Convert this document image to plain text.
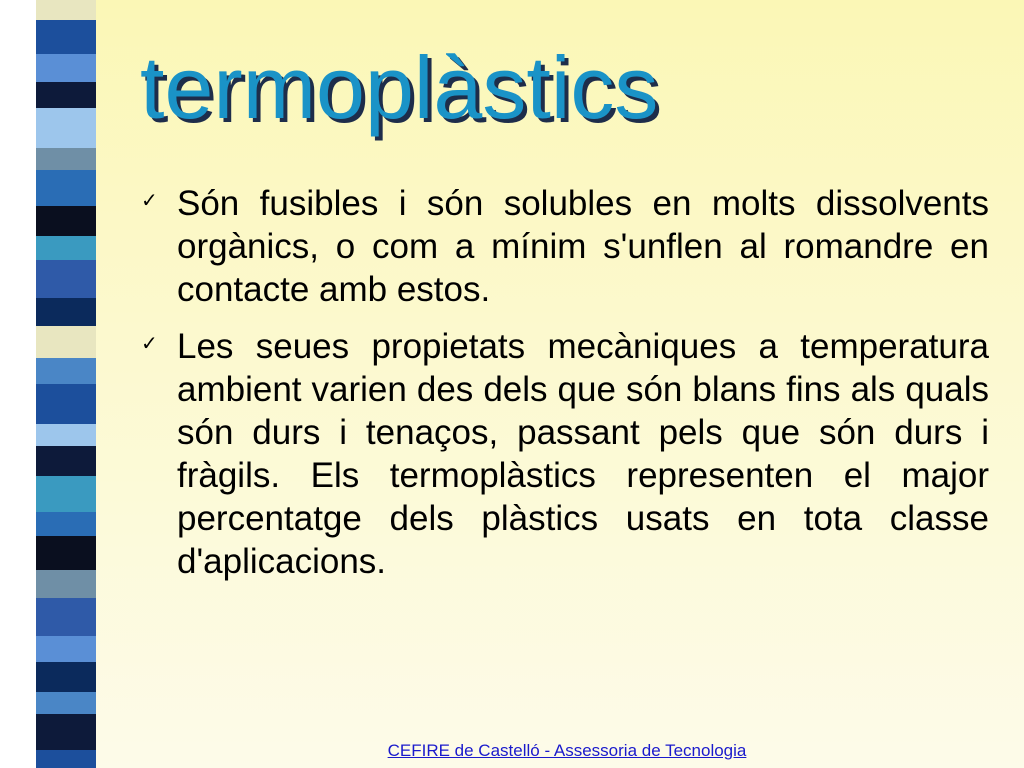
termoplàstics
✓ Són fusibles i són solubles en molts dissolvents orgànics, o com a mínim s'unflen al romandre en contacte amb estos.
✓ Les seues propietats mecàniques a temperatura ambient varien des dels que són blans fins als quals són durs i tenaços, passant pels que són durs i fràgils. Els termoplàstics representen el major percentatge dels plàstics usats en tota classe d'aplicacions.
CEFIRE de Castelló - Assessoria de Tecnologia
